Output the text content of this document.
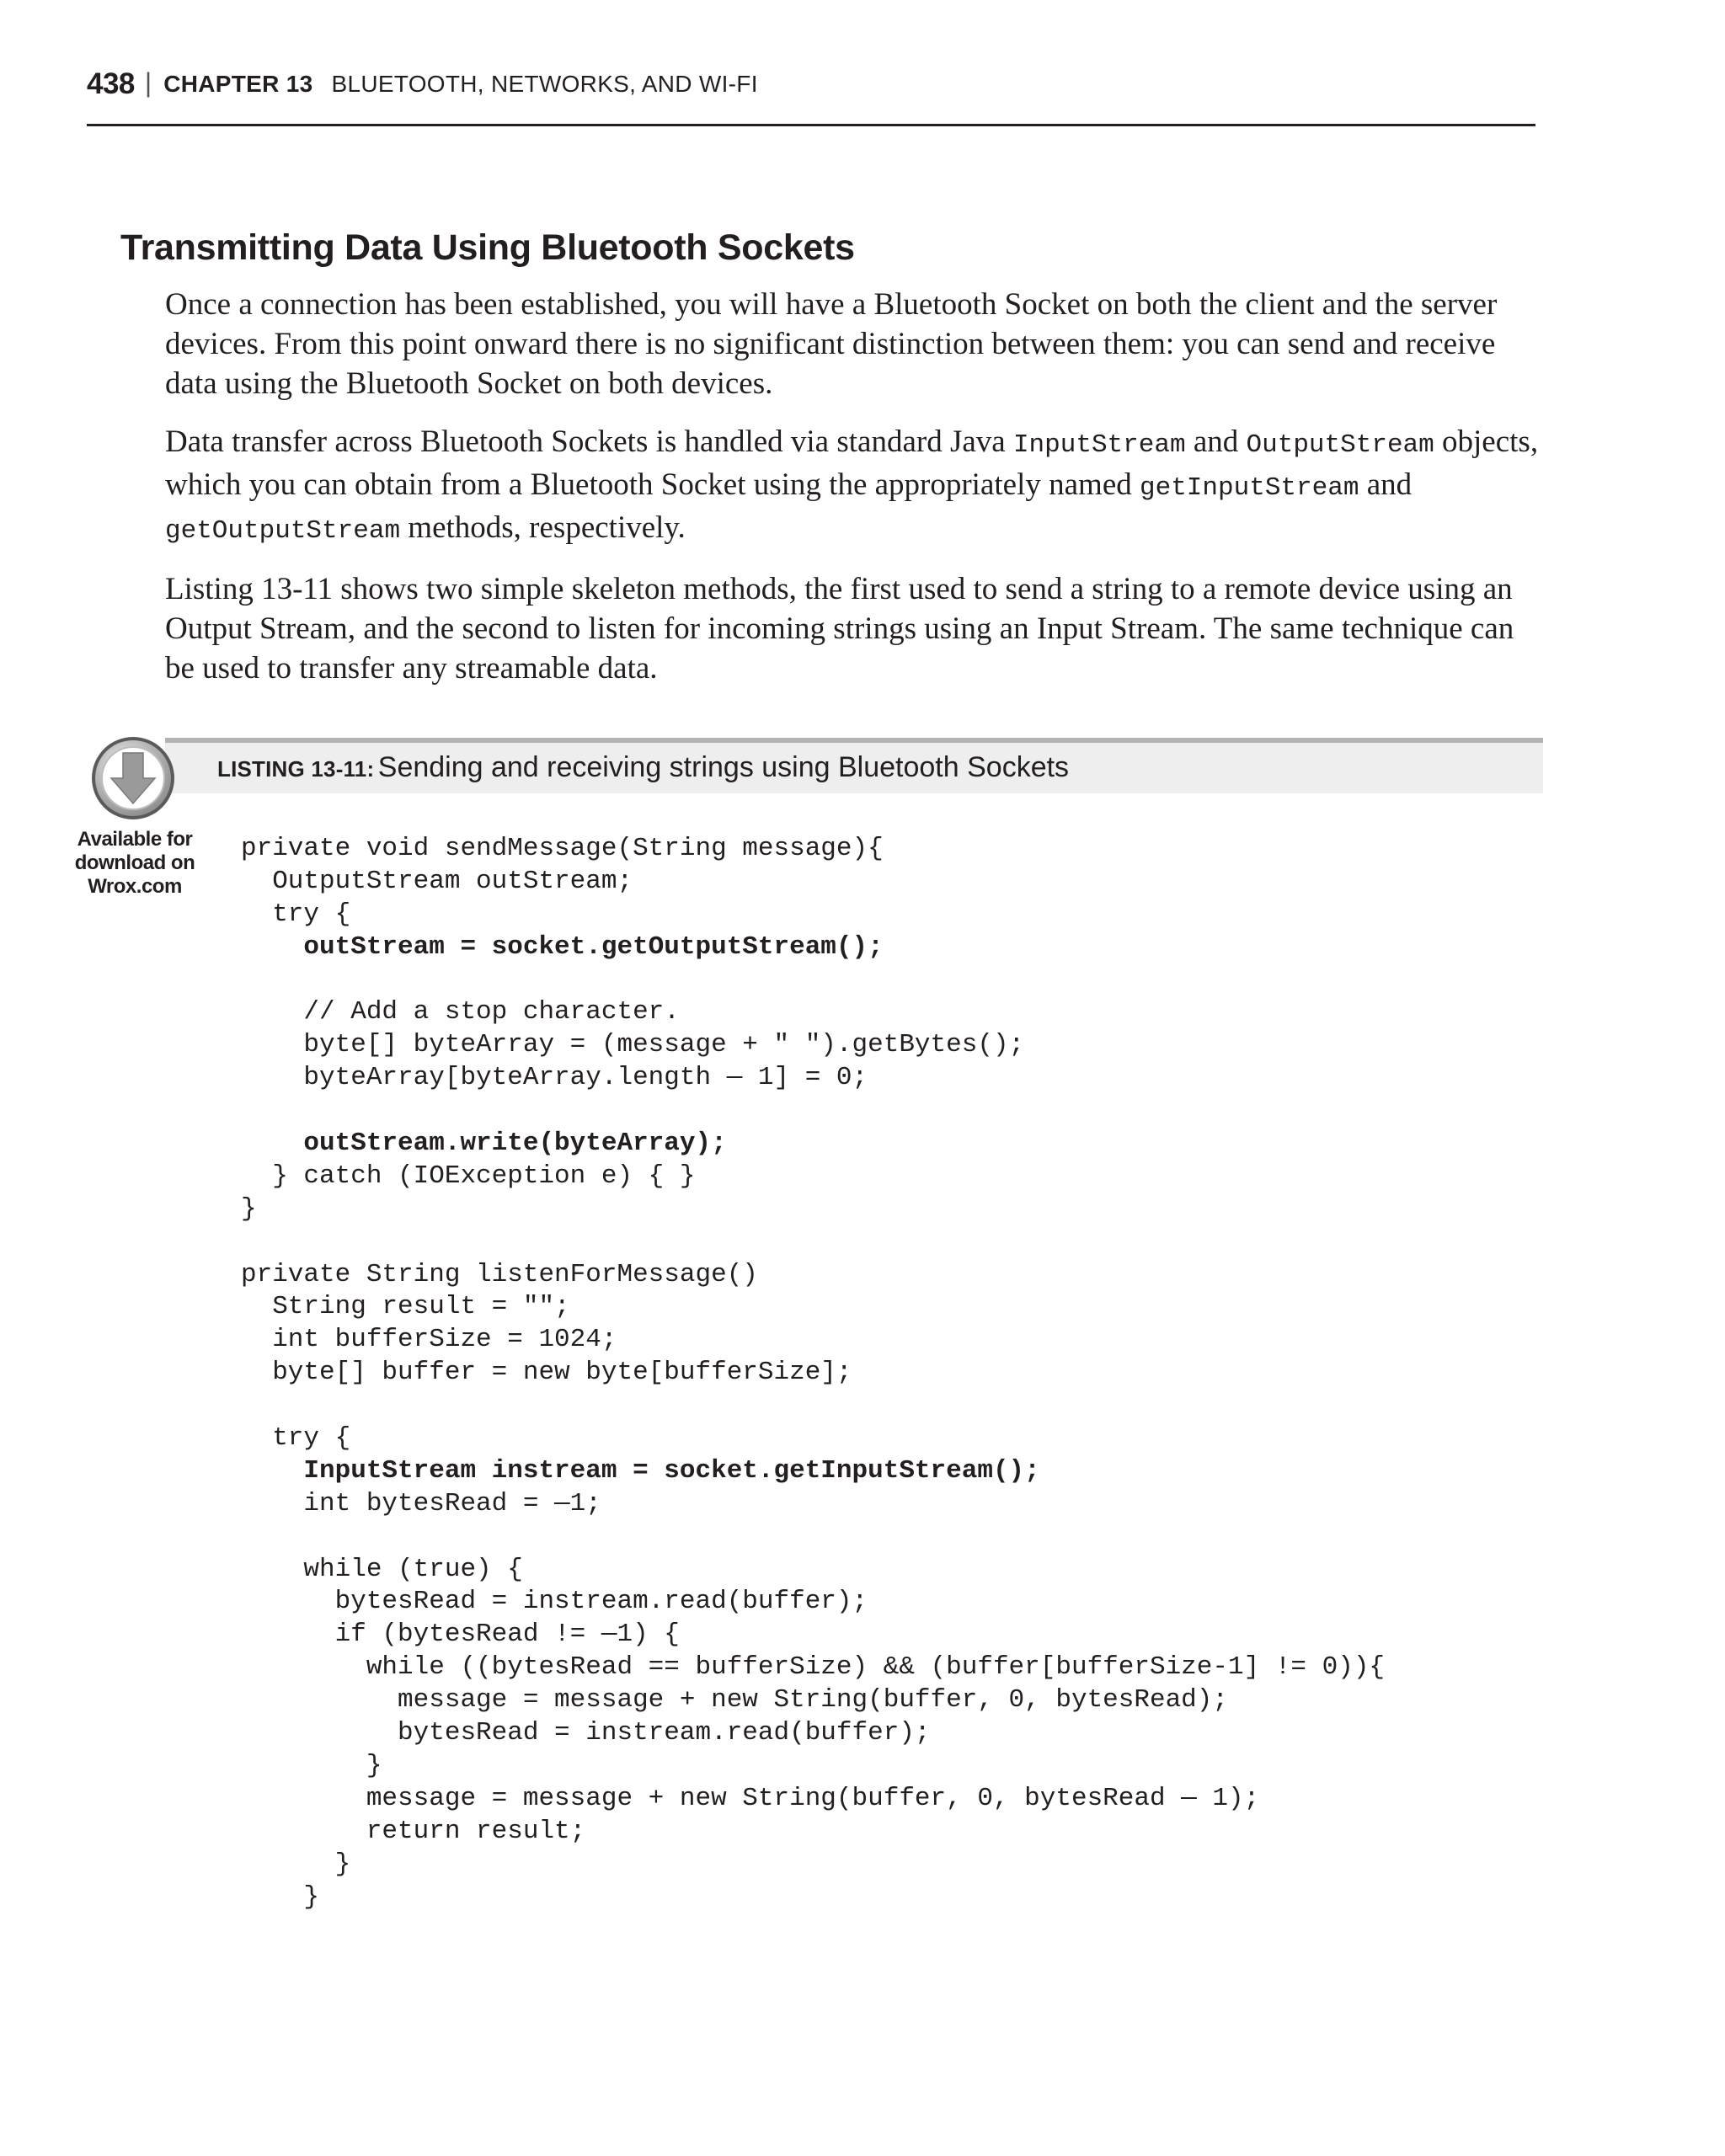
438 | CHAPTER 13 BLUETOOTH, NETWORKS, AND WI-FI
Transmitting Data Using Bluetooth Sockets

Once a connection has been established, you will have a Bluetooth Socket on both the client and the server devices. From this point onward there is no significant distinction between them: you can send and receive data using the Bluetooth Socket on both devices.

Data transfer across Bluetooth Sockets is handled via standard Java InputStream and OutputStream objects, which you can obtain from a Bluetooth Socket using the appropriately named getInputStream and getOutputStream methods, respectively.

Listing 13-11 shows two simple skeleton methods, the first used to send a string to a remote device using an Output Stream, and the second to listen for incoming strings using an Input Stream. The same technique can be used to transfer any streamable data.

LISTING 13-11: Sending and receiving strings using Bluetooth Sockets
Available for
download on
Wrox.com
private void sendMessage(String message){
OutputStream outStream;
try {
outStream = socket.getOutputStream();
// Add a stop character.
byte[] byteArray = (message + " ").getBytes();
byteArray[byteArray.length — 1] = 0;
outStream.write(byteArray);
} catch (IOException e) { }
}
private String listenForMessage()
String result = "";
int bufferSize = 1024;
byte[] buffer = new byte[bufferSize];
try {
InputStream instream = socket.getInputStream();
int bytesRead = —1;
while (true) {
bytesRead = instream.read(buffer);
if (bytesRead != —1) {
while ((bytesRead == bufferSize) && (buffer[bufferSize-1] != 0)){
message = message + new String(buffer, 0, bytesRead);
bytesRead = instream.read(buffer);
}
message = message + new String(buffer, 0, bytesRead — 1);
return result;
}
}
